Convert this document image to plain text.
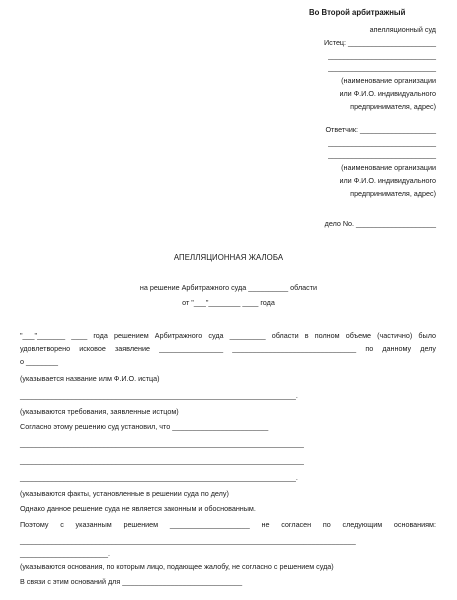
Во Второй арбитражный
апелляционный суд
Истец: ______________________
___________________________
___________________________
(наименование организации
или Ф.И.О. индивидуального
предпринимателя, адрес)
Ответчик: ___________________
___________________________
___________________________
(наименование организации
или Ф.И.О. индивидуального
предпринимателя, адрес)
дело No. ____________________
АПЕЛЛЯЦИОННАЯ ЖАЛОБА
на решение Арбитражного суда __________ области
от "___"________ ____ года
"___"_______ ____ года решением Арбитражного суда _________ области в полном объеме (частично) было
удовлетворено исковое заявление ________________ _______________________________ по данному делу
о ________
(указывается название илм Ф.И.О. истца)
_____________________________________________________________________.
(указываются требования, заявленные истцом)
Согласно этому решению суд установил, что ________________________
_______________________________________________________________________
_______________________________________________________________________
_____________________________________________________________________.
(указываются факты, установленные в решении суда по делу)
Однако данное решение суда не является законным и обоснованным.
Поэтому с указанным решением ____________________ не согласен по следующим основаниям:
____________________________________________________________________________________
______________________.
(указываются основания, по которым лицо, подающее жалобу, не согласно с решением суда)
В связи с этим оснований для ______________________________
